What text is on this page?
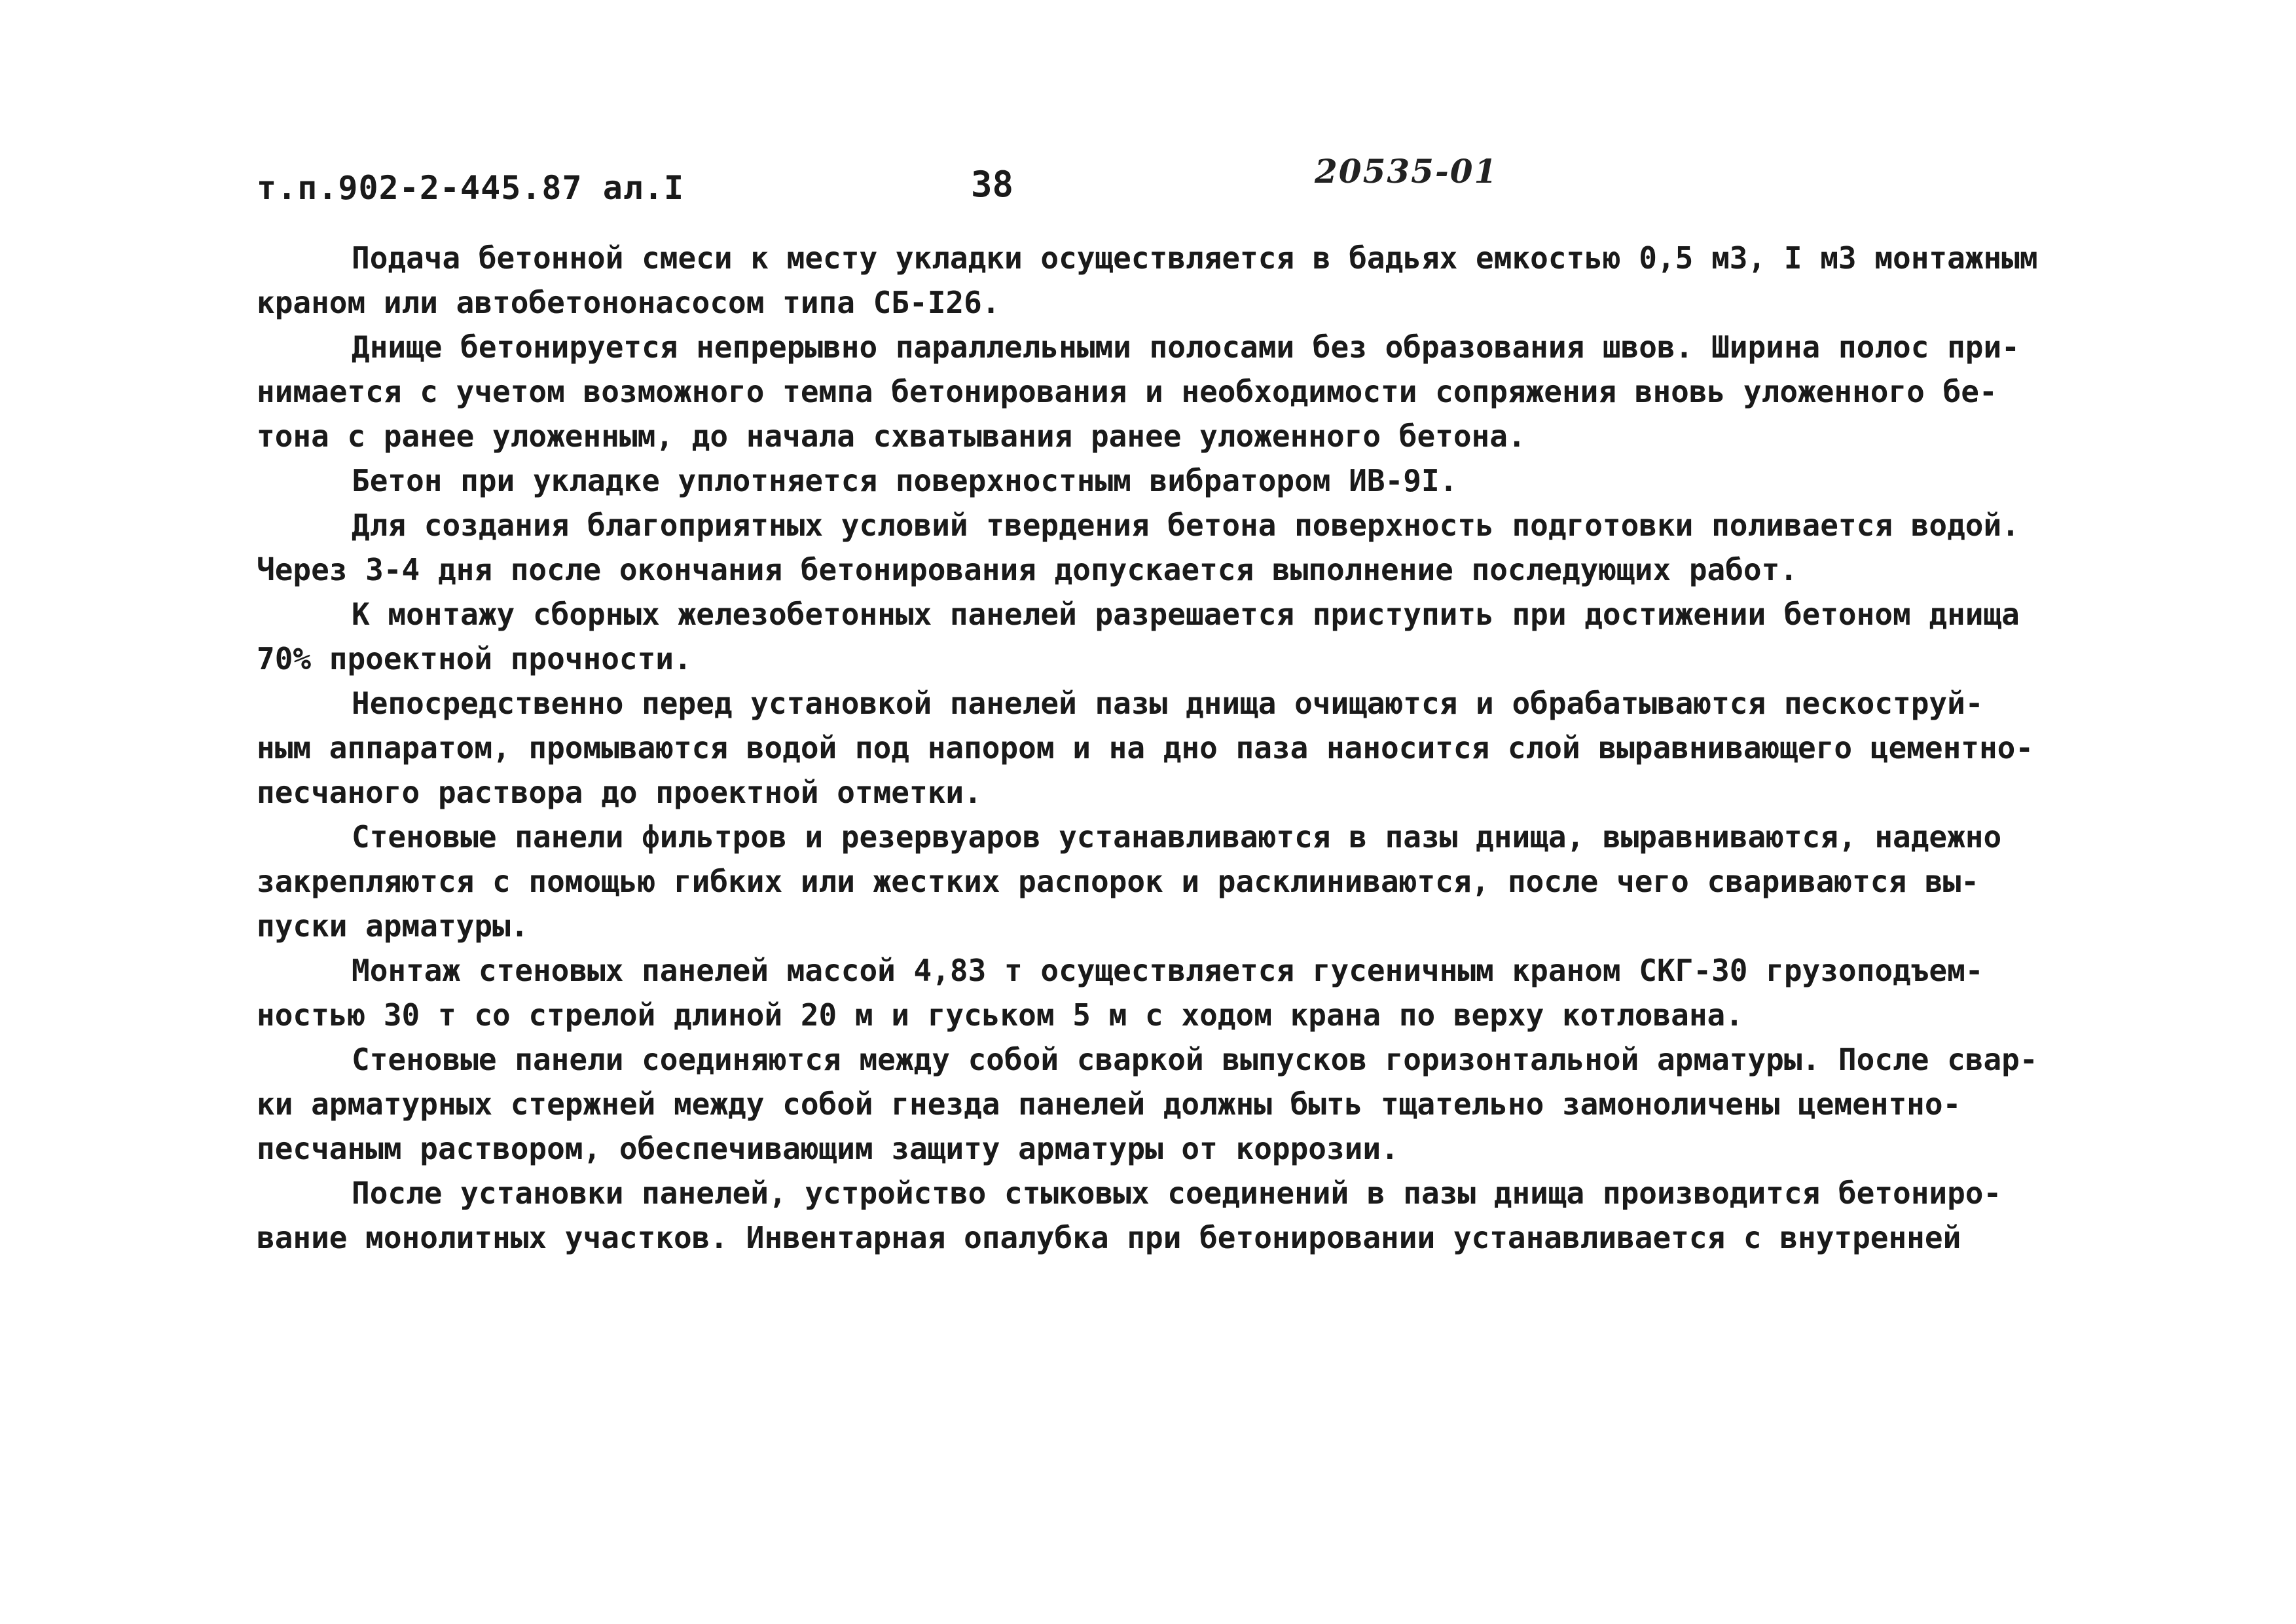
т.п.902-2-445.87 ал.I	38	20535-01
Подача бетонной смеси к месту укладки осуществляется в бадьях емкостью 0,5 м3, I м3 монтажным
краном или автобетононасосом типа СБ-I26.
Днище бетонируется непрерывно параллельными полосами без образования швов. Ширина полос при-
нимается с учетом возможного темпа бетонирования и необходимости сопряжения вновь уложенного бе-
тона с ранее уложенным, до начала схватывания ранее уложенного бетона.
Бетон при укладке уплотняется поверхностным вибратором ИВ-9I.
Для создания благоприятных условий твердения бетона поверхность подготовки поливается водой.
Через 3-4 дня после окончания бетонирования допускается выполнение последующих работ.
К монтажу сборных железобетонных панелей разрешается приступить при достижении бетоном днища
70% проектной прочности.
Непосредственно перед установкой панелей пазы днища очищаются и обрабатываются пескоструй-
ным аппаратом, промываются водой под напором и на дно паза наносится слой выравнивающего цементно-
песчаного раствора до проектной отметки.
Стеновые панели фильтров и резервуаров устанавливаются в пазы днища, выравниваются, надежно
закрепляются с помощью гибких или жестких распорок и расклиниваются, после чего свариваются вы-
пуски арматуры.
Монтаж стеновых панелей массой 4,83 т осуществляется гусеничным краном СКГ-30 грузоподъем-
ностью 30 т со стрелой длиной 20 м и гуськом 5 м с ходом крана по верху котлована.
Стеновые панели соединяются между собой сваркой выпусков горизонтальной арматуры. После свар-
ки арматурных стержней между собой гнезда панелей должны быть тщательно замоноличены цементно-
песчаным раствором, обеспечивающим защиту арматуры от коррозии.
После установки панелей, устройство стыковых соединений в пазы днища производится бетониро-
вание монолитных участков. Инвентарная опалубка при бетонировании устанавливается с внутренней
